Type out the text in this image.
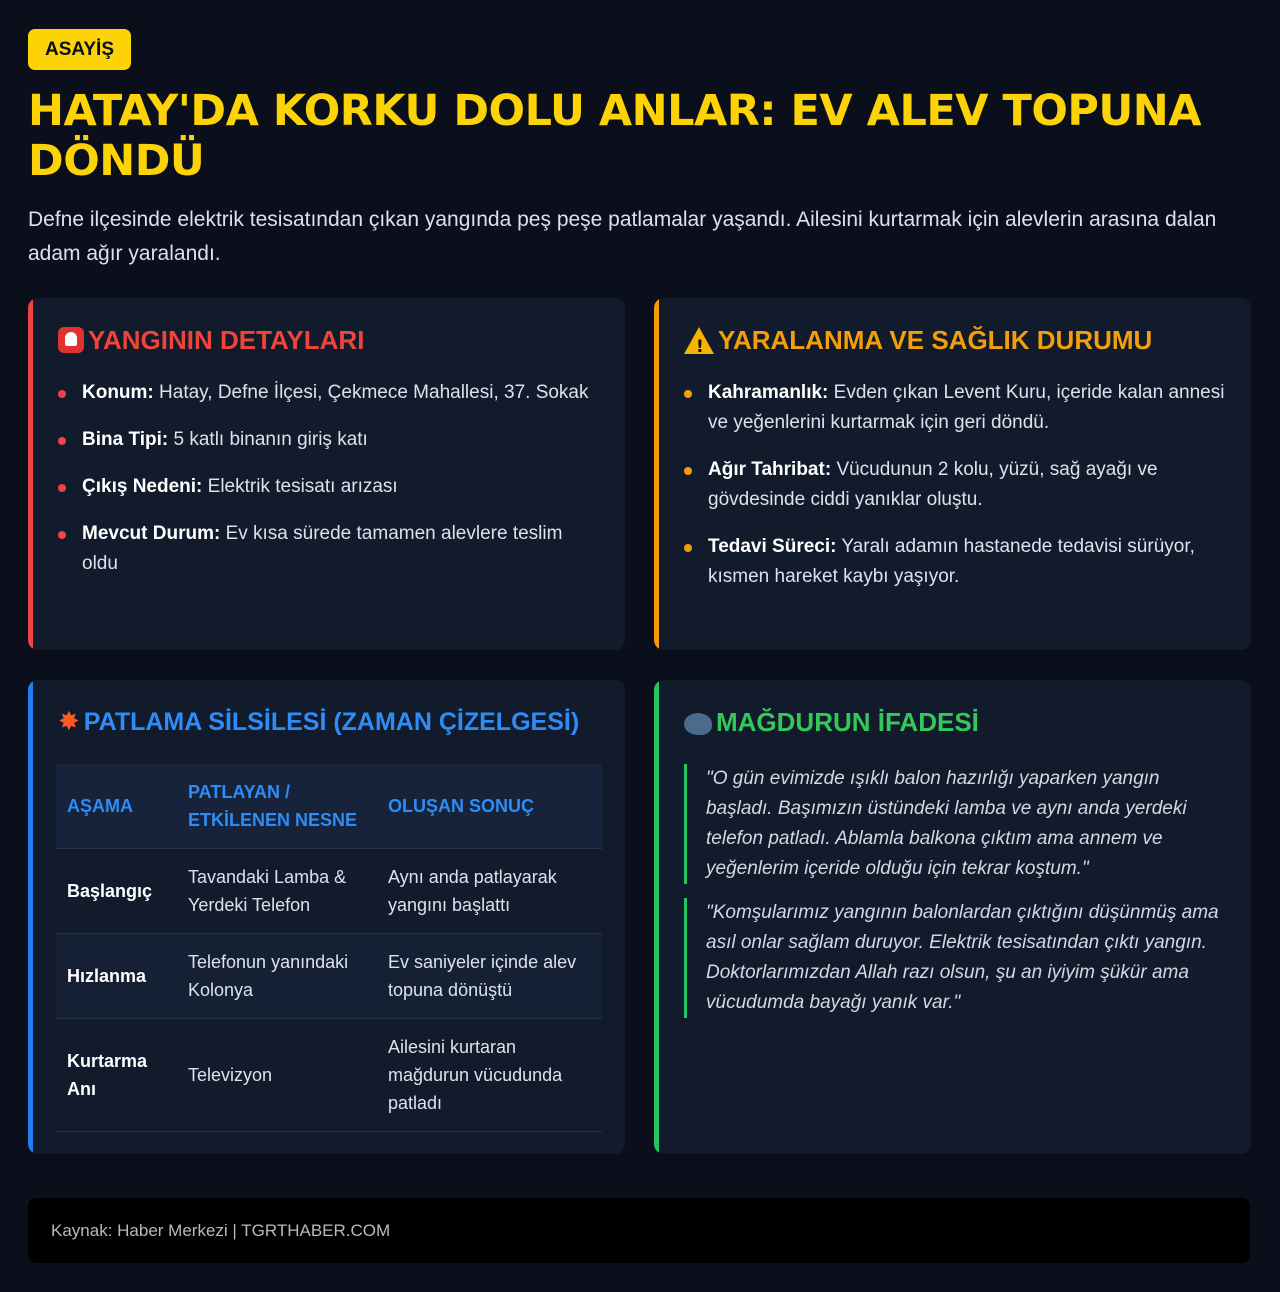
ASAYİŞ
HATAY'DA KORKU DOLU ANLAR: EV ALEV TOPUNA DÖNDÜ

Defne ilçesinde elektrik tesisatından çıkan yangında peş peşe patlamalar yaşandı. Ailesini kurtarmak için alevlerin arasına dalan adam ağır yaralandı.

YANGININ DETAYLARI
Konum: Hatay, Defne İlçesi, Çekmece Mahallesi, 37. Sokak
Bina Tipi: 5 katlı binanın giriş katı
Çıkış Nedeni: Elektrik tesisatı arızası
Mevcut Durum: Ev kısa sürede tamamen alevlere teslim oldu
!
YARALANMA VE SAĞLIK DURUMU
Kahramanlık: Evden çıkan Levent Kuru, içeride kalan annesi ve yeğenlerini kurtarmak için geri döndü.
Ağır Tahribat: Vücudunun 2 kolu, yüzü, sağ ayağı ve gövdesinde ciddi yanıklar oluştu.
Tedavi Süreci: Yaralı adamın hastanede tedavisi sürüyor, kısmen hareket kaybı yaşıyor.
✸ PATLAMA SİLSİLESİ (ZAMAN ÇİZELGESİ)
AŞAMA	PATLAYAN / ETKİLENEN NESNE	OLUŞAN SONUÇ
Başlangıç	Tavandaki Lamba & Yerdeki Telefon	Aynı anda patlayarak yangını başlattı
Hızlanma	Telefonun yanındaki Kolonya	Ev saniyeler içinde alev topuna dönüştü
Kurtarma Anı	Televizyon	Ailesini kurtaran mağdurun vücudunda patladı
MAĞDURUN İFADESİ
"O gün evimizde ışıklı balon hazırlığı yaparken yangın başladı. Başımızın üstündeki lamba ve aynı anda yerdeki telefon patladı. Ablamla balkona çıktım ama annem ve yeğenlerim içeride olduğu için tekrar koştum."
"Komşularımız yangının balonlardan çıktığını düşünmüş ama asıl onlar sağlam duruyor. Elektrik tesisatından çıktı yangın. Doktorlarımızdan Allah razı olsun, şu an iyiyim şükür ama vücudumda bayağı yanık var."
Kaynak: Haber Merkezi | TGRTHABER.COM
